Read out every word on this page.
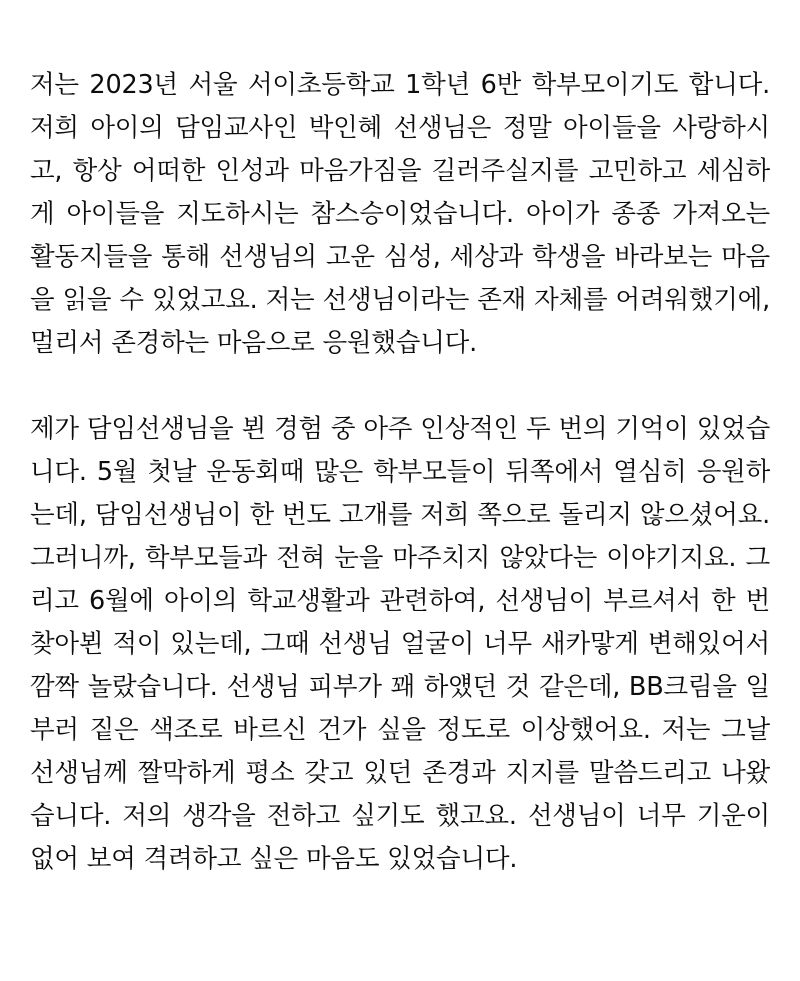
저는 2023년 서울 서이초등학교 1학년 6반 학부모이기도 합니다. 저희 아이의 담임교사인 박인혜 선생님은 정말 아이들을 사랑하시고, 항상 어떠한 인성과 마음가짐을 길러주실지를 고민하고 세심하게 아이들을 지도하시는 참스승이었습니다. 아이가 종종 가져오는 활동지들을 통해 선생님의 고운 심성, 세상과 학생을 바라보는 마음을 읽을 수 있었고요. 저는 선생님이라는 존재 자체를 어려워했기에, 멀리서 존경하는 마음으로 응원했습니다.

제가 담임선생님을 뵌 경험 중 아주 인상적인 두 번의 기억이 있었습니다. 5월 첫날 운동회때 많은 학부모들이 뒤쪽에서 열심히 응원하는데, 담임선생님이 한 번도 고개를 저희 쪽으로 돌리지 않으셨어요. 그러니까, 학부모들과 전혀 눈을 마주치지 않았다는 이야기지요. 그리고 6월에 아이의 학교생활과 관련하여, 선생님이 부르셔서 한 번 찾아뵌 적이 있는데, 그때 선생님 얼굴이 너무 새카맣게 변해있어서 깜짝 놀랐습니다. 선생님 피부가 꽤 하얬던 것 같은데, BB크림을 일부러 짙은 색조로 바르신 건가 싶을 정도로 이상했어요. 저는 그날 선생님께 짤막하게 평소 갖고 있던 존경과 지지를 말씀드리고 나왔습니다. 저의 생각을 전하고 싶기도 했고요. 선생님이 너무 기운이 없어 보여 격려하고 싶은 마음도 있었습니다.
